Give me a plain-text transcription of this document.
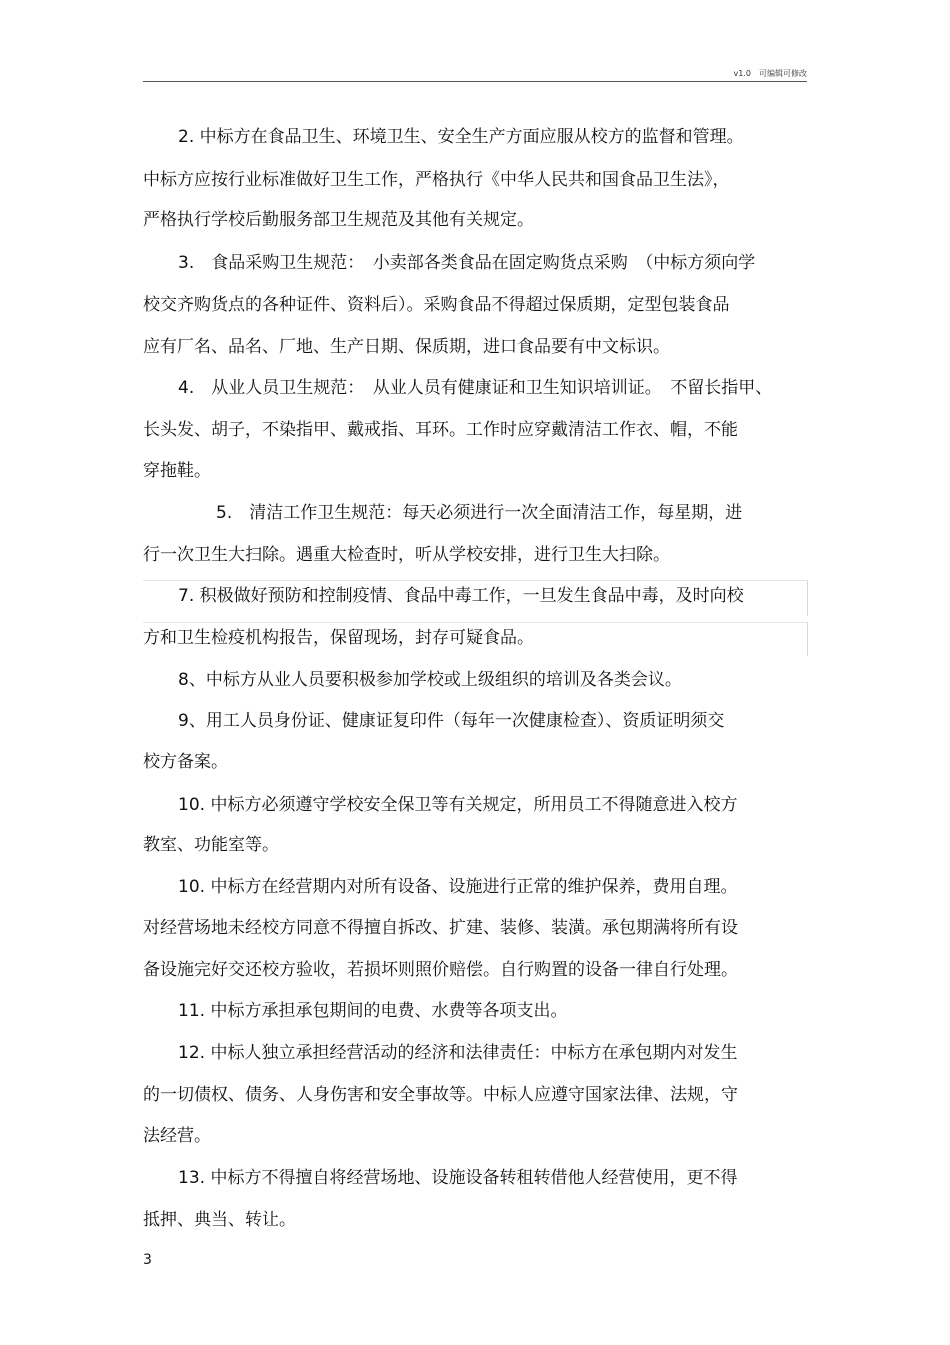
v1.0　可编辑可修改
2. 中标方在食品卫生、环境卫生、安全生产方面应服从校方的监督和管理。
中标方应按行业标准做好卫生工作，严格执行《中华人民共和国食品卫生法》，
严格执行学校后勤服务部卫生规范及其他有关规定。
3.　食品采购卫生规范：　小卖部各类食品在固定购货点采购　（中标方须向学
校交齐购货点的各种证件、资料后）。采购食品不得超过保质期，定型包装食品
应有厂名、品名、厂地、生产日期、保质期，进口食品要有中文标识。
4.　从业人员卫生规范：　从业人员有健康证和卫生知识培训证。　不留长指甲、
长头发、胡子，不染指甲、戴戒指、耳环。工作时应穿戴清洁工作衣、帽，不能
穿拖鞋。
5.　清洁工作卫生规范：每天必须进行一次全面清洁工作，每星期，进
行一次卫生大扫除。遇重大检查时，听从学校安排，进行卫生大扫除。
7. 积极做好预防和控制疫情、食品中毒工作，一旦发生食品中毒，及时向校
方和卫生检疫机构报告，保留现场，封存可疑食品。
8、中标方从业人员要积极参加学校或上级组织的培训及各类会议。
9、用工人员身份证、健康证复印件（每年一次健康检查）、资质证明须交
校方备案。
10. 中标方必须遵守学校安全保卫等有关规定，所用员工不得随意进入校方
教室、功能室等。
10. 中标方在经营期内对所有设备、设施进行正常的维护保养，费用自理。
对经营场地未经校方同意不得擅自拆改、扩建、装修、装潢。承包期满将所有设
备设施完好交还校方验收，若损坏则照价赔偿。自行购置的设备一律自行处理。
11. 中标方承担承包期间的电费、水费等各项支出。
12. 中标人独立承担经营活动的经济和法律责任：中标方在承包期内对发生
的一切债权、债务、人身伤害和安全事故等。中标人应遵守国家法律、法规，守
法经营。
13. 中标方不得擅自将经营场地、设施设备转租转借他人经营使用，更不得
抵押、典当、转让。
3
